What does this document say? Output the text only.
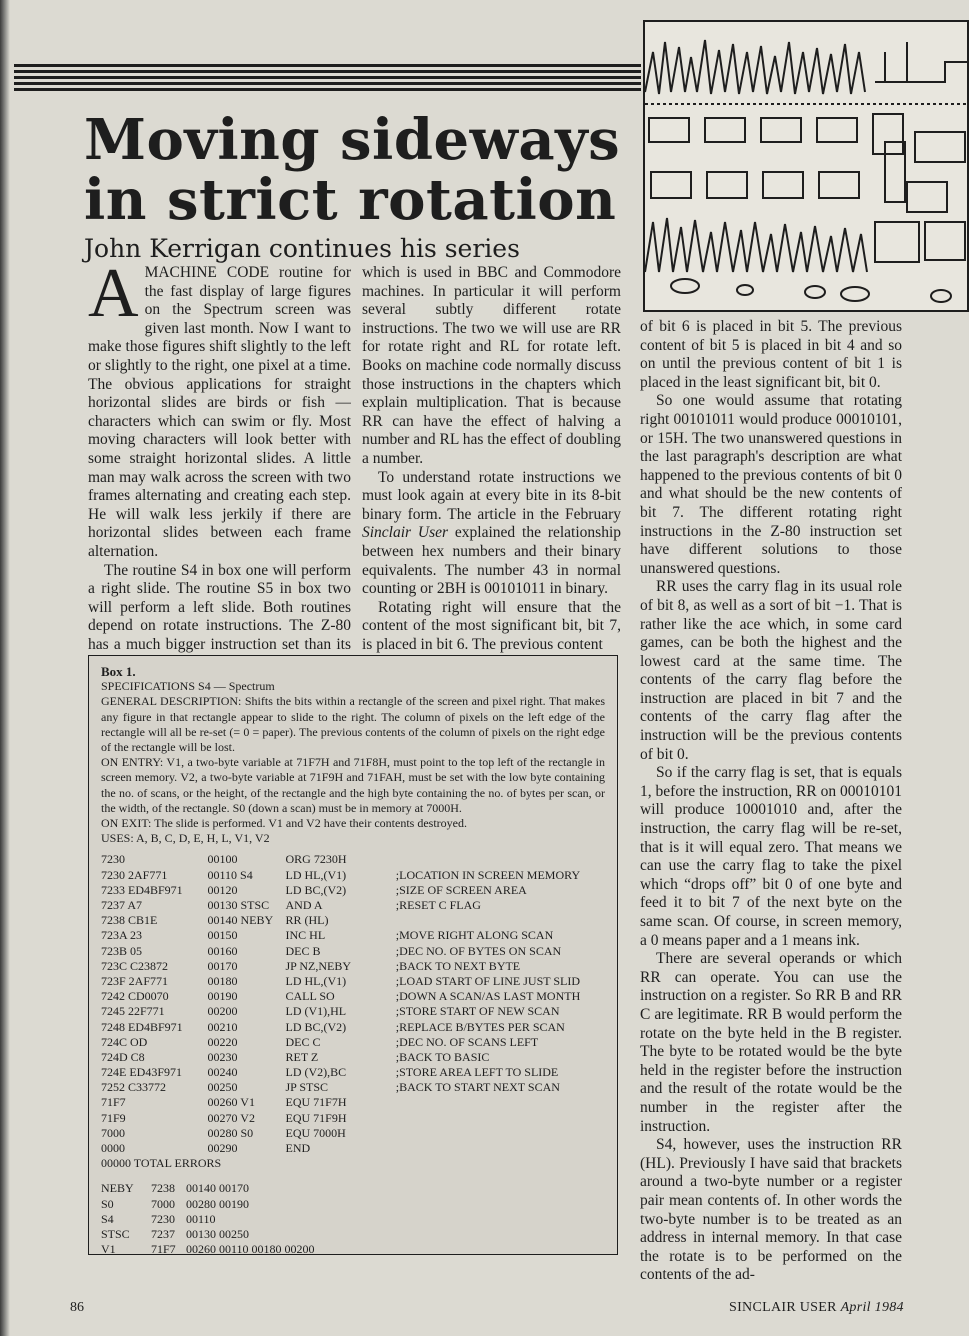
Moving sideways in strict rotation

John Kerrigan continues his series

AMACHINE CODE routine for the fast display of large figures on the Spectrum screen was given last month. Now I want to make those figures shift slightly to the left or slightly to the right, one pixel at a time. The obvious applications for straight horizontal slides are birds or fish — characters which can swim or fly. Most moving characters will look better with some straight horizontal slides. A little man may walk across the screen with two frames alternating and creating each step. He will walk less jerkily if there are horizontal slides between each frame alternation.

The routine S4 in box one will perform a right slide. The routine S5 in box two will perform a left slide. Both routines depend on rotate instructions. The Z-80 has a much bigger instruction set than its

which is used in BBC and Commodore machines. In particular it will perform several subtly different rotate instructions. The two we will use are RR for rotate right and RL for rotate left. Books on machine code normally discuss those instructions in the chapters which explain multiplication. That is because RR can have the effect of halving a number and RL has the effect of doubling a number.

To understand rotate instructions we must look again at every bite in its 8-bit binary form. The article in the February Sinclair User explained the relationship between hex numbers and their binary equivalents. The number 43 in normal counting or 2BH is 00101011 in binary.

Rotating right will ensure that the content of the most significant bit, bit 7, is placed in bit 6. The previous content

of bit 6 is placed in bit 5. The previous content of bit 5 is placed in bit 4 and so on until the previous content of bit 1 is placed in the least significant bit, bit 0.

So one would assume that rotating right 00101011 would produce 00010101, or 15H. The two unanswered questions in the last paragraph's description are what happened to the previous contents of bit 0 and what should be the new contents of bit 7. The different rotating right instructions in the Z-80 instruction set have different solutions to those unanswered questions.

RR uses the carry flag in its usual role of bit 8, as well as a sort of bit −1. That is rather like the ace which, in some card games, can be both the highest and the lowest card at the same time. The contents of the carry flag before the instruction are placed in bit 7 and the contents of the carry flag after the instruction will be the previous contents of bit 0.

So if the carry flag is set, that is equals 1, before the instruction, RR on 00010101 will produce 10001010 and, after the instruction, the carry flag will be re-set, that is it will equal zero. That means we can use the carry flag to take the pixel which “drops off” bit 0 of one byte and feed it to bit 7 of the next byte on the same scan. Of course, in screen memory, a 0 means paper and a 1 means ink.

There are several operands or which RR can operate. You can use the instruction on a register. So RR B and RR C are legitimate. RR B would perform the rotate on the byte held in the B register. The byte to be rotated would be the byte held in the register before the instruction and the result of the rotate would be the number in the register after the instruction.

S4, however, uses the instruction RR (HL). Previously I have said that brackets around a two-byte number or a register pair mean contents of. In other words the two-byte number is to be treated as an address in internal memory. In that case the rotate is to be performed on the contents of the ad-

Box 1.

SPECIFICATIONS S4 — Spectrum

GENERAL DESCRIPTION: Shifts the bits within a rectangle of the screen and pixel right. That makes any figure in that rectangle appear to slide to the right. The column of pixels on the left edge of the rectangle will all be re-set (= 0 = paper). The previous contents of the column of pixels on the right edge of the rectangle will be lost.

ON ENTRY: V1, a two-byte variable at 71F7H and 71F8H, must point to the top left of the rectangle in screen memory. V2, a two-byte variable at 71F9H and 71FAH, must be set with the low byte containing the no. of scans, or the height, of the rectangle and the high byte containing the no. of bytes per scan, or the width, of the rectangle. S0 (down a scan) must be in memory at 7000H.

ON EXIT: The slide is performed. V1 and V2 have their contents destroyed.

USES: A, B, C, D, E, H, L, V1, V2

7230	00100	ORG 7230H
7230 2AF771	00110 S4	LD HL,(V1)	;LOCATION IN SCREEN MEMORY
7233 ED4BF971	00120	LD BC,(V2)	;SIZE OF SCREEN AREA
7237 A7	00130 STSC	AND A	;RESET C FLAG
7238 CB1E	00140 NEBY	RR (HL)
723A 23	00150	INC HL	;MOVE RIGHT ALONG SCAN
723B 05	00160	DEC B	;DEC NO. OF BYTES ON SCAN
723C C23872	00170	JP NZ,NEBY	;BACK TO NEXT BYTE
723F 2AF771	00180	LD HL,(V1)	;LOAD START OF LINE JUST SLID
7242 CD0070	00190	CALL SO	;DOWN A SCAN/AS LAST MONTH
7245 22F771	00200	LD (V1),HL	;STORE START OF NEW SCAN
7248 ED4BF971	00210	LD BC,(V2)	;REPLACE B/BYTES PER SCAN
724C OD	00220	DEC C	;DEC NO. OF SCANS LEFT
724D C8	00230	RET Z	;BACK TO BASIC
724E ED43F971	00240	LD (V2),BC	;STORE AREA LEFT TO SLIDE
7252 C33772	00250	JP STSC	;BACK TO START NEXT SCAN
71F7	00260 V1	EQU 71F7H
71F9	00270 V2	EQU 71F9H
7000	00280 S0	EQU 7000H
0000	00290	END
00000 TOTAL ERRORS
NEBY	7238 00140 00170
S0	7000 00280 00190
S4	7230 00110
STSC	7237 00130 00250
V1	71F7 00260 00110 00180 00200
86	SINCLAIR USER April 1984
